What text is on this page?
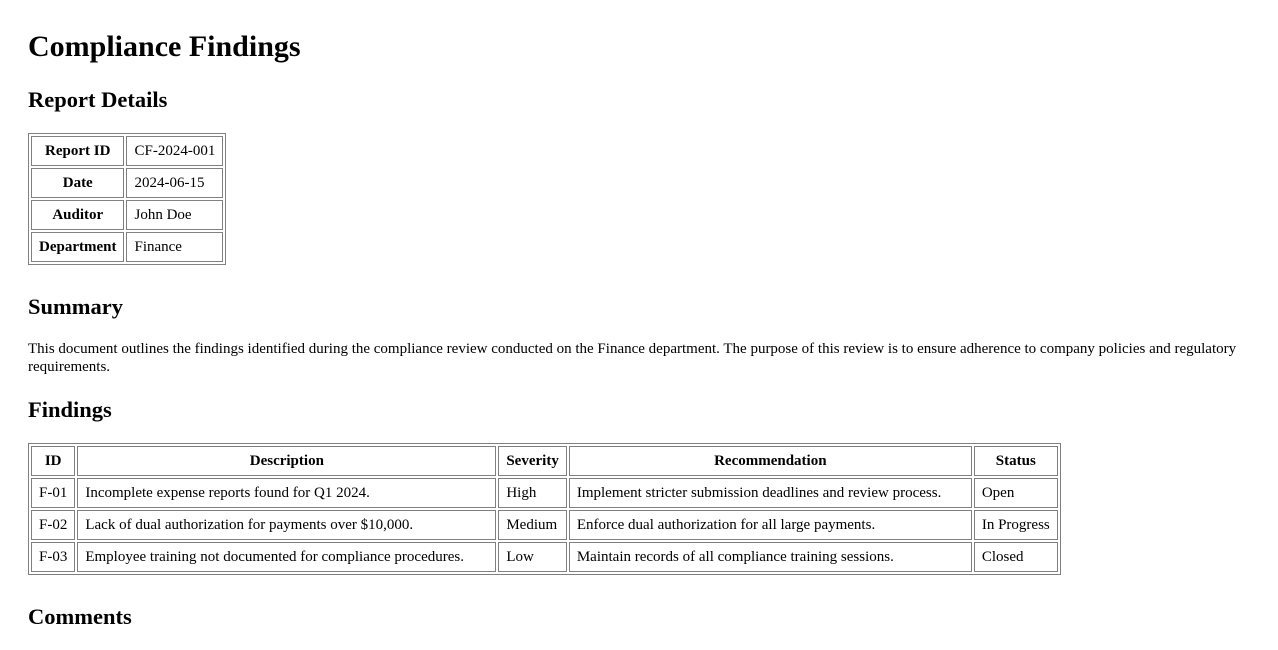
Compliance Findings
Report Details
Report ID	CF-2024-001
Date	2024-06-15
Auditor	John Doe
Department	Finance
Summary

This document outlines the findings identified during the compliance review conducted on the Finance department. The purpose of this review is to ensure adherence to company policies and regulatory requirements.

Findings
ID	Description	Severity	Recommendation	Status
F-01	Incomplete expense reports found for Q1 2024.	High	Implement stricter submission deadlines and review process.	Open
F-02	Lack of dual authorization for payments over $10,000.	Medium	Enforce dual authorization for all large payments.	In Progress
F-03	Employee training not documented for compliance procedures.	Low	Maintain records of all compliance training sessions.	Closed
Comments
